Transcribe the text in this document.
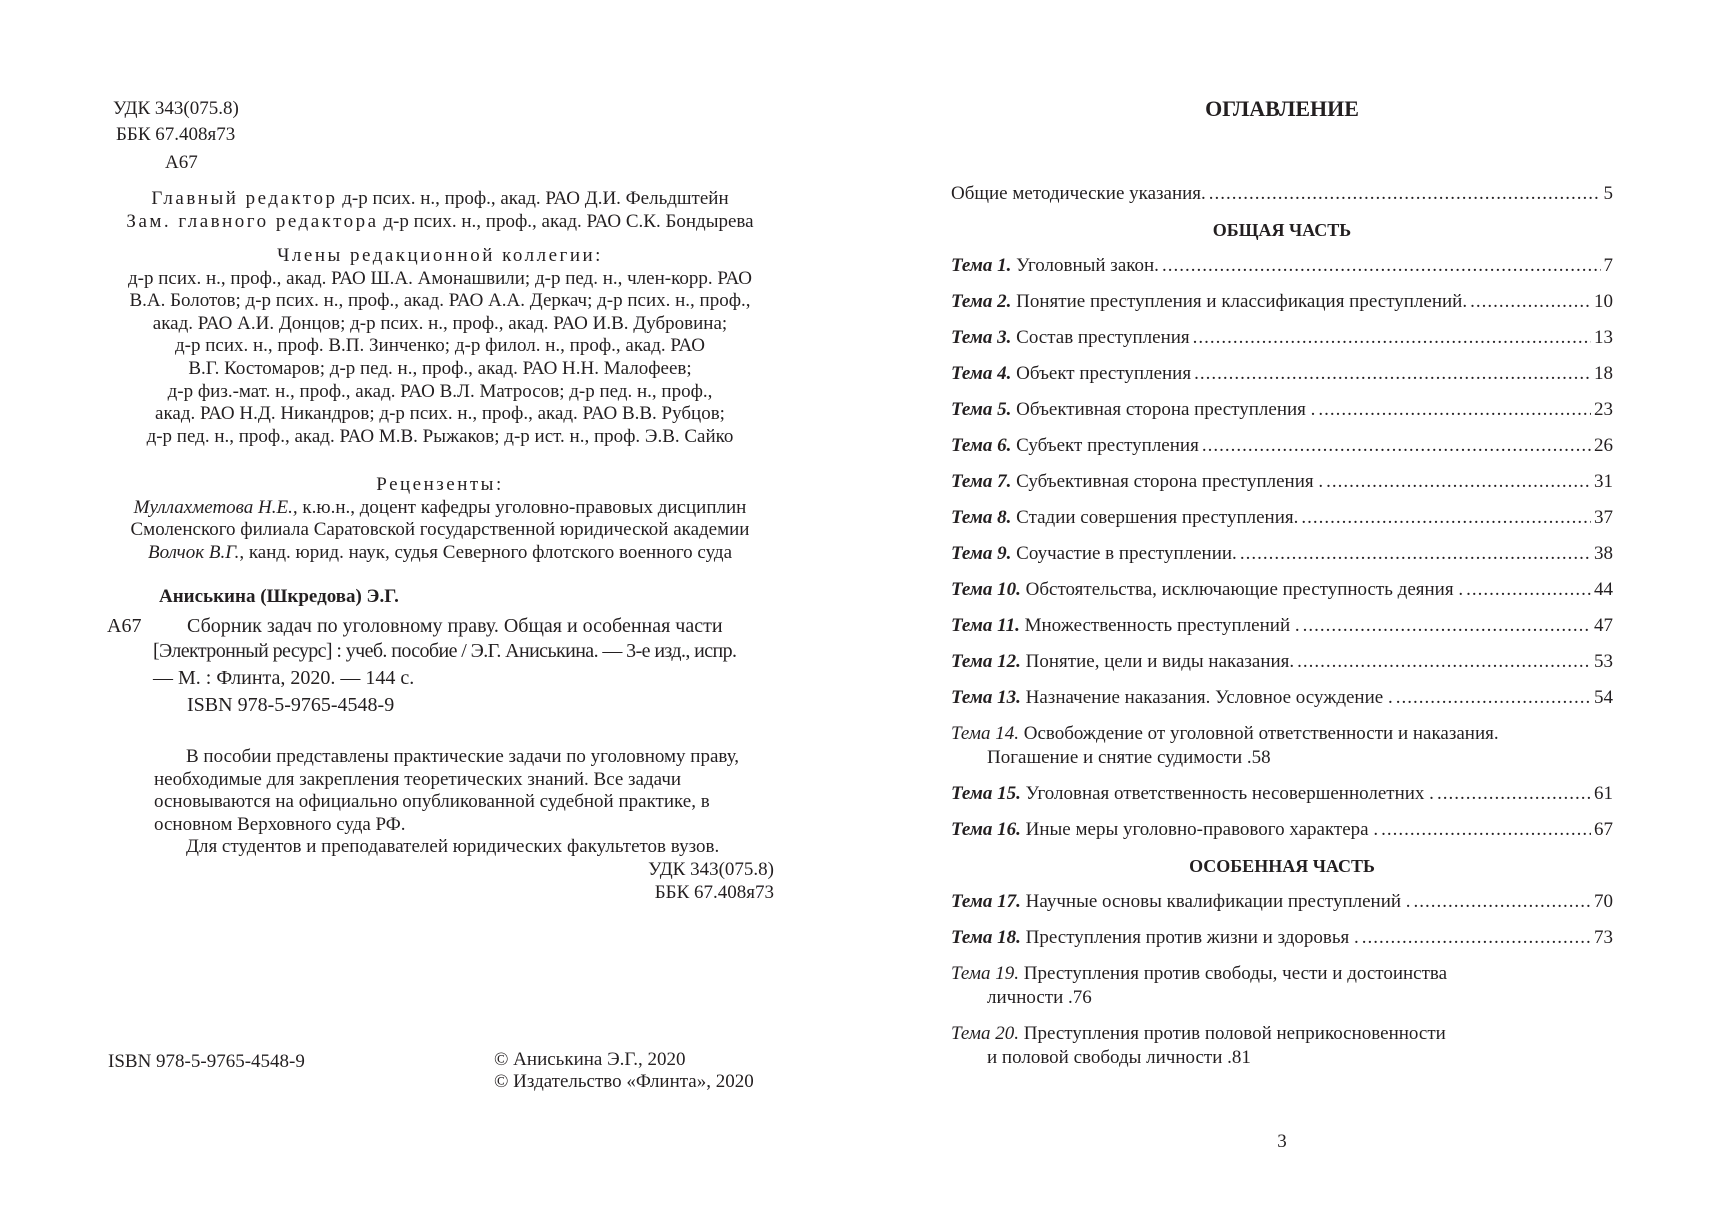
УДК 343(075.8)
ББК 67.408я73
А67
Главный редактор д-р псих. н., проф., акад. РАО Д.И. Фельдштейн
Зам. главного редактора д-р псих. н., проф., акад. РАО С.К. Бондырева
Члены редакционной коллегии:
д-р псих. н., проф., акад. РАО Ш.А. Амонашвили; д-р пед. н., член-корр. РАО
В.А. Болотов; д-р псих. н., проф., акад. РАО А.А. Деркач; д-р псих. н., проф.,
акад. РАО А.И. Донцов; д-р псих. н., проф., акад. РАО И.В. Дубровина;
д-р псих. н., проф. В.П. Зинченко; д-р филол. н., проф., акад. РАО
В.Г. Костомаров; д-р пед. н., проф., акад. РАО Н.Н. Малофеев;
д-р физ.-мат. н., проф., акад. РАО В.Л. Матросов; д-р пед. н., проф.,
акад. РАО Н.Д. Никандров; д-р псих. н., проф., акад. РАО В.В. Рубцов;
д-р пед. н., проф., акад. РАО М.В. Рыжаков; д-р ист. н., проф. Э.В. Сайко
Рецензенты:
Муллахметова Н.Е., к.ю.н., доцент кафедры уголовно-правовых дисциплин
Смоленского филиала Саратовской государственной юридической академии
Волчок В.Г., канд. юрид. наук, судья Северного флотского военного суда
Аниськина (Шкредова) Э.Г.
А67 Сборник задач по уголовному праву. Общая и особенная части
[Электронный ресурс] : учеб. пособие / Э.Г. Аниськина. — 3-е изд., испр.
— М. : Флинта, 2020. — 144 с.
ISBN 978-5-9765-4548-9
В пособии представлены практические задачи по уголовному праву,
необходимые для закрепления теоретических знаний. Все задачи
основываются на официально опубликованной судебной практике, в
основном Верховного суда РФ.
Для студентов и преподавателей юридических факультетов вузов.
УДК 343(075.8)
ББК 67.408я73
ISBN 978-5-9765-4548-9	© Аниськина Э.Г., 2020
© Издательство «Флинта», 2020
ОГЛАВЛЕНИЕ
Общие методические указания. .....	5
ОБЩАЯ ЧАСТЬ
Тема 1. Уголовный закон. .....	7
Тема 2. Понятие преступления и классификация преступлений. .....	10
Тема 3. Состав преступления .....	13
Тема 4. Объект преступления .....	18
Тема 5. Объективная сторона преступления . .....	23
Тема 6. Субъект преступления .....	26
Тема 7. Субъективная сторона преступления . .....	31
Тема 8. Стадии совершения преступления. .....	37
Тема 9. Соучастие в преступлении. .....	38
Тема 10. Обстоятельства, исключающие преступность деяния . .....	44
Тема 11. Множественность преступлений . .....	47
Тема 12. Понятие, цели и виды наказания. .....	53
Тема 13. Назначение наказания. Условное осуждение . .....	54
Тема 14. Освобождение от уголовной ответственности и наказания.
Погашение и снятие судимости . 58
Тема 15. Уголовная ответственность несовершеннолетних . .....	61
Тема 16. Иные меры уголовно-правового характера . .....	67
ОСОБЕННАЯ ЧАСТЬ
Тема 17. Научные основы квалификации преступлений . .....	70
Тема 18. Преступления против жизни и здоровья . .....	73
Тема 19. Преступления против свободы, чести и достоинства
личности . 76
Тема 20. Преступления против половой неприкосновенности
и половой свободы личности . 81
3
